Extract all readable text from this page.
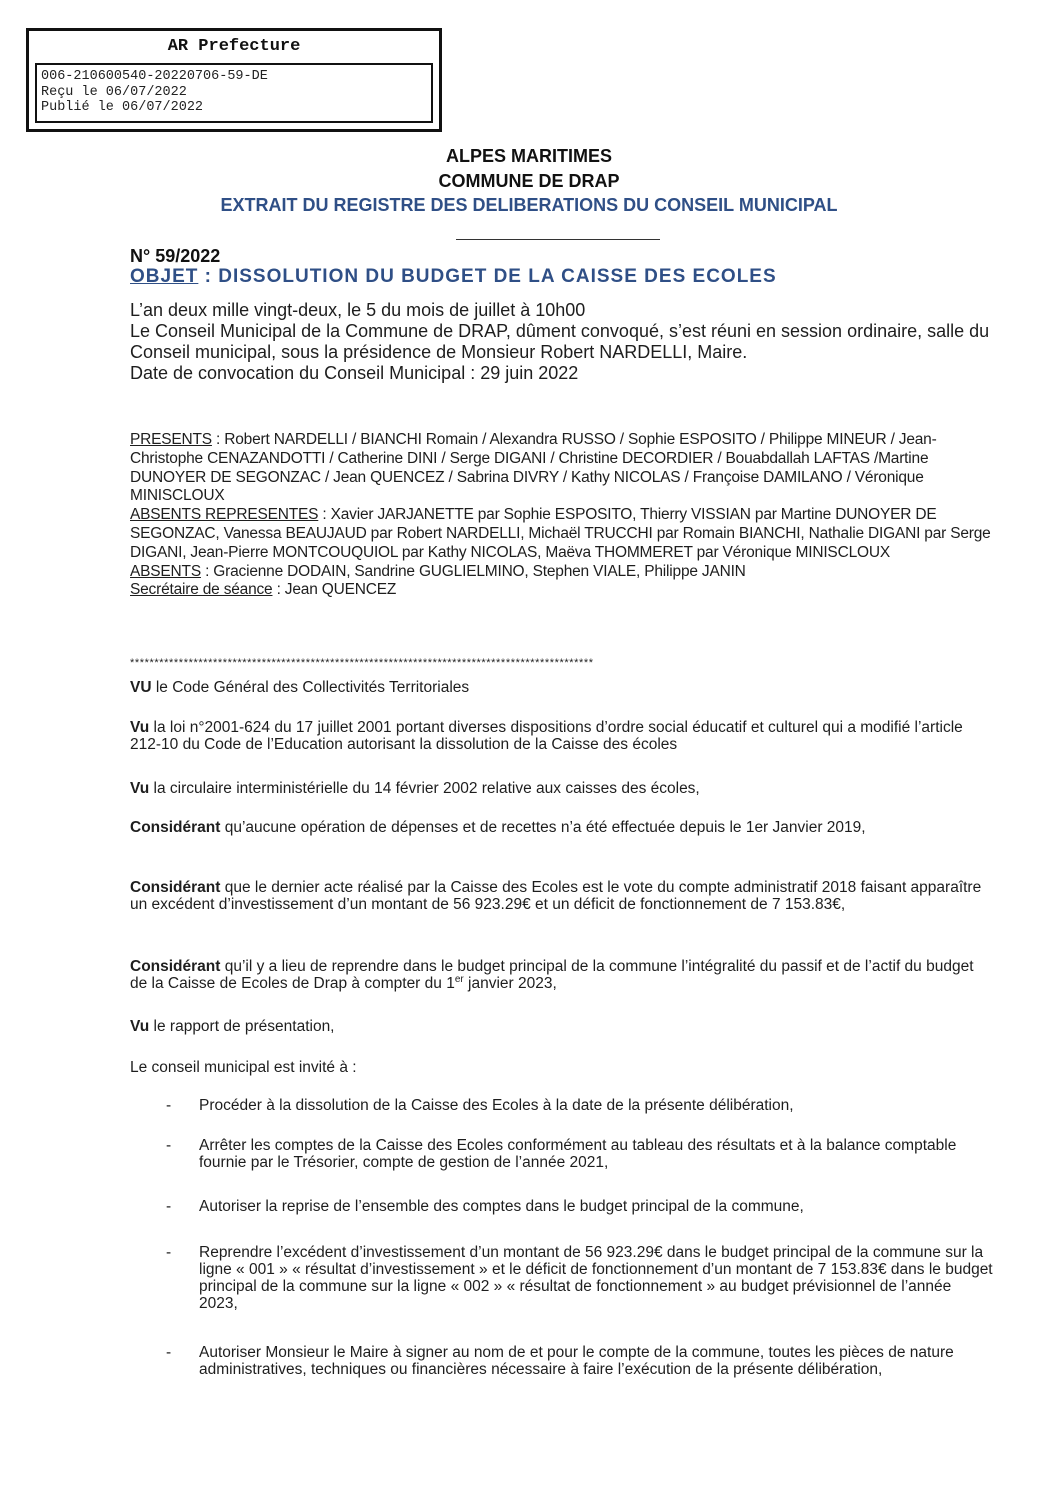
AR Prefecture
006-210600540-20220706-59-DE
Reçu le 06/07/2022
Publié le 06/07/2022
ALPES MARITIMES
COMMUNE DE DRAP
EXTRAIT DU REGISTRE DES DELIBERATIONS DU CONSEIL MUNICIPAL
N° 59/2022
OBJET : DISSOLUTION DU BUDGET DE LA CAISSE DES ECOLES
L’an deux mille vingt-deux, le 5 du mois de juillet à 10h00
Le Conseil Municipal de la Commune de DRAP, dûment convoqué, s’est réuni en session ordinaire, salle du Conseil municipal, sous la présidence de Monsieur Robert NARDELLI, Maire.
Date de convocation du Conseil Municipal : 29 juin 2022
PRESENTS : Robert NARDELLI / BIANCHI Romain / Alexandra RUSSO / Sophie ESPOSITO / Philippe MINEUR / Jean-Christophe CENAZANDOTTI / Catherine DINI / Serge DIGANI / Christine DECORDIER / Bouabdallah LAFTAS /Martine DUNOYER DE SEGONZAC / Jean QUENCEZ / Sabrina DIVRY / Kathy NICOLAS / Françoise DAMILANO / Véronique MINISCLOUX
ABSENTS REPRESENTES : Xavier JARJANETTE par Sophie ESPOSITO, Thierry VISSIAN par Martine DUNOYER DE SEGONZAC, Vanessa BEAUJAUD par Robert NARDELLI, Michaël TRUCCHI par Romain BIANCHI, Nathalie DIGANI par Serge DIGANI, Jean-Pierre MONTCOUQUIOL par Kathy NICOLAS, Maëva THOMMERET par Véronique MINISCLOUX
ABSENTS : Gracienne DODAIN, Sandrine GUGLIELMINO, Stephen VIALE, Philippe JANIN
Secrétaire de séance : Jean QUENCEZ
***********************************************************************************************
VU le Code Général des Collectivités Territoriales
Vu la loi n°2001-624 du 17 juillet 2001 portant diverses dispositions d’ordre social éducatif et culturel qui a modifié l’article 212-10 du Code de l’Education autorisant la dissolution de la Caisse des écoles
Vu la circulaire interministérielle du 14 février 2002 relative aux caisses des écoles,
Considérant qu’aucune opération de dépenses et de recettes n’a été effectuée depuis le 1er Janvier 2019,
Considérant que le dernier acte réalisé par la Caisse des Ecoles est le vote du compte administratif 2018 faisant apparaître un excédent d’investissement d’un montant de 56 923.29€ et un déficit de fonctionnement de 7 153.83€,
Considérant qu’il y a lieu de reprendre dans le budget principal de la commune l’intégralité du passif et de l’actif du budget de la Caisse de Ecoles de Drap à compter du 1er janvier 2023,
Vu le rapport de présentation,
Le conseil municipal est invité à :
- Procéder à la dissolution de la Caisse des Ecoles à la date de la présente délibération,
- Arrêter les comptes de la Caisse des Ecoles conformément au tableau des résultats et à la balance comptable fournie par le Trésorier, compte de gestion de l’année 2021,
- Autoriser la reprise de l’ensemble des comptes dans le budget principal de la commune,
- Reprendre l’excédent d’investissement d’un montant de 56 923.29€ dans le budget principal de la commune sur la ligne « 001 » « résultat d’investissement » et le déficit de fonctionnement d’un montant de 7 153.83€ dans le budget principal de la commune sur la ligne « 002 » « résultat de fonctionnement » au budget prévisionnel de l’année 2023,
- Autoriser Monsieur le Maire à signer au nom de et pour le compte de la commune, toutes les pièces de nature administratives, techniques ou financières nécessaire à faire l’exécution de la présente délibération,
